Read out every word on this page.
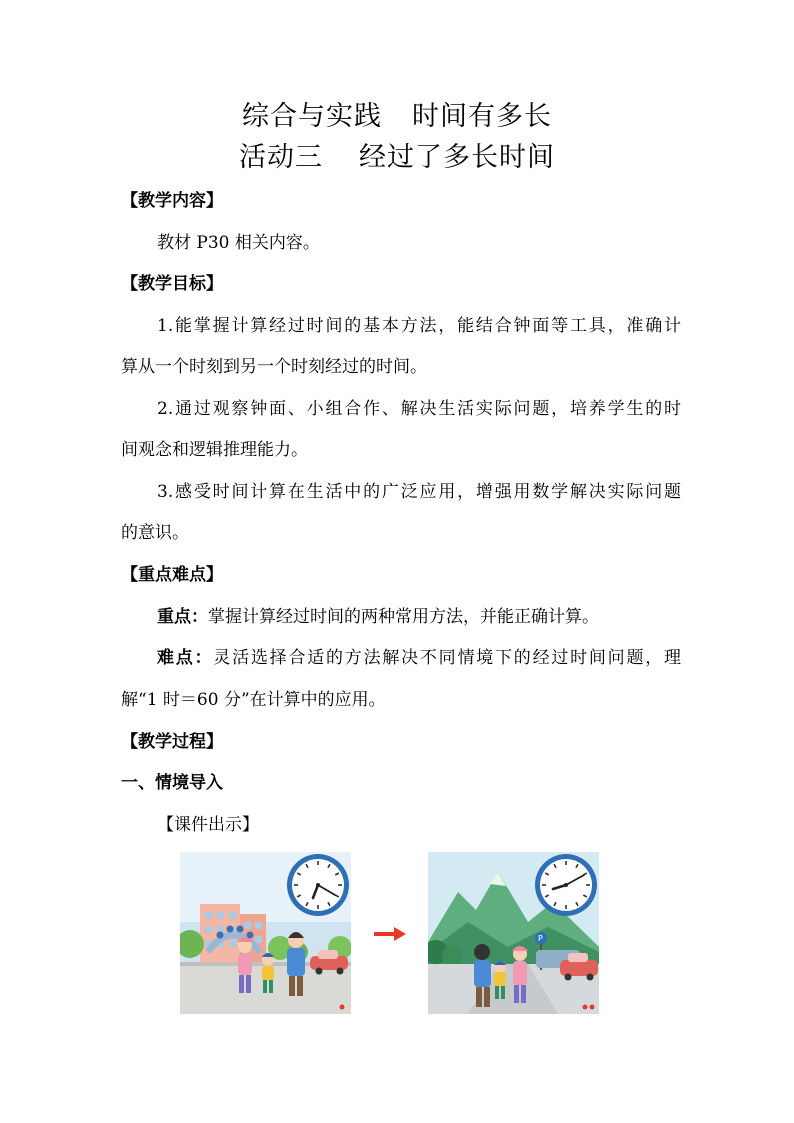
综合与实践 时间有多长
活动三 经过了多长时间
【教学内容】
教材 P30 相关内容。
【教学目标】
1.能掌握计算经过时间的基本方法，能结合钟面等工具，准确计
算从一个时刻到另一个时刻经过的时间。
2.通过观察钟面、小组合作、解决生活实际问题，培养学生的时
间观念和逻辑推理能力。
3.感受时间计算在生活中的广泛应用，增强用数学解决实际问题
的意识。
【重点难点】
重点：掌握计算经过时间的两种常用方法，并能正确计算。
难点：灵活选择合适的方法解决不同情境下的经过时间问题，理
解“1 时＝60 分”在计算中的应用。
【教学过程】
一、情境导入
【课件出示】
P
